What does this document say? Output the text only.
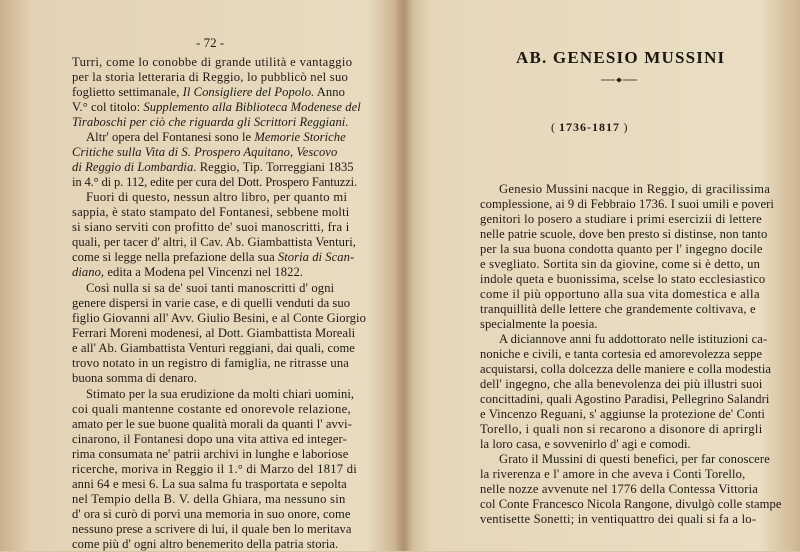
- 72 -
Turri, come lo conobbe di grande utilità e vantaggio
per la storia letteraria di Reggio, lo pubblicò nel suo
foglietto settimanale, Il Consigliere del Popolo. Anno
V.° col titolo: Supplemento alla Biblioteca Modenese del
Tiraboschi per ciò che riguarda gli Scrittori Reggiani.
Altr' opera del Fontanesi sono le Memorie Storiche
Critiche sulla Vita di S. Prospero Aquitano, Vescovo
di Reggio di Lombardia. Reggio, Tip. Torreggiani 1835
in 4.° di p. 112, edite per cura del Dott. Prospero Fantuzzi.
Fuori di questo, nessun altro libro, per quanto mi
sappia, è stato stampato del Fontanesi, sebbene molti
si siano serviti con profitto de' suoi manoscritti, fra i
quali, per tacer d' altri, il Cav. Ab. Giambattista Venturi,
come si legge nella prefazione della sua Storia di Scan-
diano, edita a Modena pel Vincenzi nel 1822.
Così nulla si sa de' suoi tanti manoscritti d' ogni
genere dispersi in varie case, e di quelli venduti da suo
figlio Giovanni all' Avv. Giulio Besini, e al Conte Giorgio
Ferrari Moreni modenesi, al Dott. Giambattista Moreali
e all' Ab. Giambattista Venturi reggiani, dai quali, come
trovo notato in un registro di famiglia, ne ritrasse una
buona somma di denaro.
Stimato per la sua erudizione da molti chiari uomini,
coi quali mantenne costante ed onorevole relazione,
amato per le sue buone qualità morali da quanti l' avvi-
cinarono, il Fontanesi dopo una vita attiva ed integer-
rima consumata ne' patrii archivi in lunghe e laboriose
ricerche, moriva in Reggio il 1.° di Marzo del 1817 di
anni 64 e mesi 6. La sua salma fu trasportata e sepolta
nel Tempio della B. V. della Ghiara, ma nessuno sin
d' ora si curò di porvi una memoria in suo onore, come
nessuno prese a scrivere di lui, il quale ben lo meritava
come più d' ogni altro benemerito della patria storia.
AB. GENESIO MUSSINI
( 1736-1817 )
Genesio Mussini nacque in Reggio, di gracilissima
complessione, ai 9 di Febbraio 1736. I suoi umili e poveri
genitori lo posero a studiare i primi esercizii di lettere
nelle patrie scuole, dove ben presto si distinse, non tanto
per la sua buona condotta quanto per l' ingegno docile
e svegliato. Sortita sin da giovine, come si è detto, un
indole queta e buonissima, scelse lo stato ecclesiastico
come il più opportuno alla sua vita domestica e alla
tranquillità delle lettere che grandemente coltivava, e
specialmente la poesia.
A diciannove anni fu addottorato nelle istituzioni ca-
noniche e civili, e tanta cortesia ed amorevolezza seppe
acquistarsi, colla dolcezza delle maniere e colla modestia
dell' ingegno, che alla benevolenza dei più illustri suoi
concittadini, quali Agostino Paradisi, Pellegrino Salandri
e Vincenzo Reguani, s' aggiunse la protezione de' Conti
Torello, i quali non si recarono a disonore di aprirgli
la loro casa, e sovvenirlo d' agi e comodi.
Grato il Mussini di questi benefici, per far conoscere
la riverenza e l' amore in che aveva i Conti Torello,
nelle nozze avvenute nel 1776 della Contessa Vittoria
col Conte Francesco Nicola Rangone, divulgò colle stampe
ventisette Sonetti; in ventiquattro dei quali si fa a lo-
